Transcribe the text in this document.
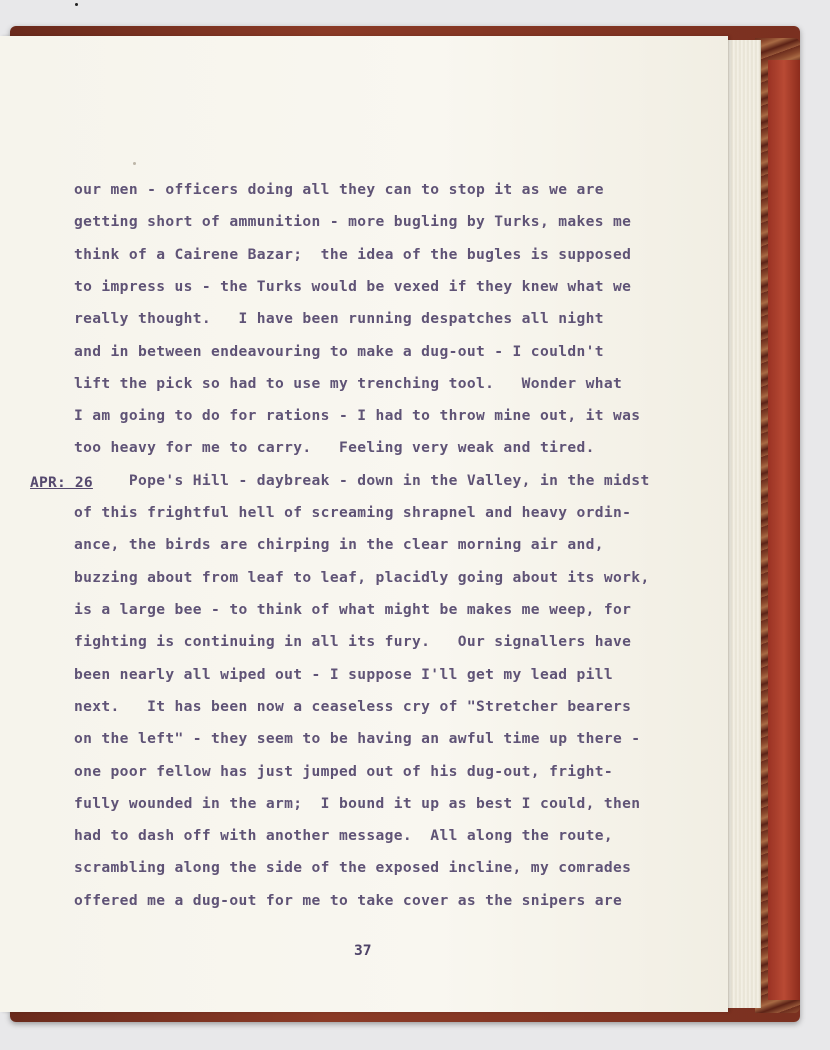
APR: 26
our men - officers doing all they can to stop it as we are
getting short of ammunition - more bugling by Turks, makes me
think of a Cairene Bazar;  the idea of the bugles is supposed
to impress us - the Turks would be vexed if they knew what we
really thought.   I have been running despatches all night
and in between endeavouring to make a dug-out - I couldn't
lift the pick so had to use my trenching tool.   Wonder what
I am going to do for rations - I had to throw mine out, it was
too heavy for me to carry.   Feeling very weak and tired.
Pope's Hill - daybreak - down in the Valley, in the midst
of this frightful hell of screaming shrapnel and heavy ordin-
ance, the birds are chirping in the clear morning air and,
buzzing about from leaf to leaf, placidly going about its work,
is a large bee - to think of what might be makes me weep, for
fighting is continuing in all its fury.   Our signallers have
been nearly all wiped out - I suppose I'll get my lead pill
next.   It has been now a ceaseless cry of "Stretcher bearers
on the left" - they seem to be having an awful time up there -
one poor fellow has just jumped out of his dug-out, fright-
fully wounded in the arm;  I bound it up as best I could, then
had to dash off with another message.  All along the route,
scrambling along the side of the exposed incline, my comrades
offered me a dug-out for me to take cover as the snipers are
37
